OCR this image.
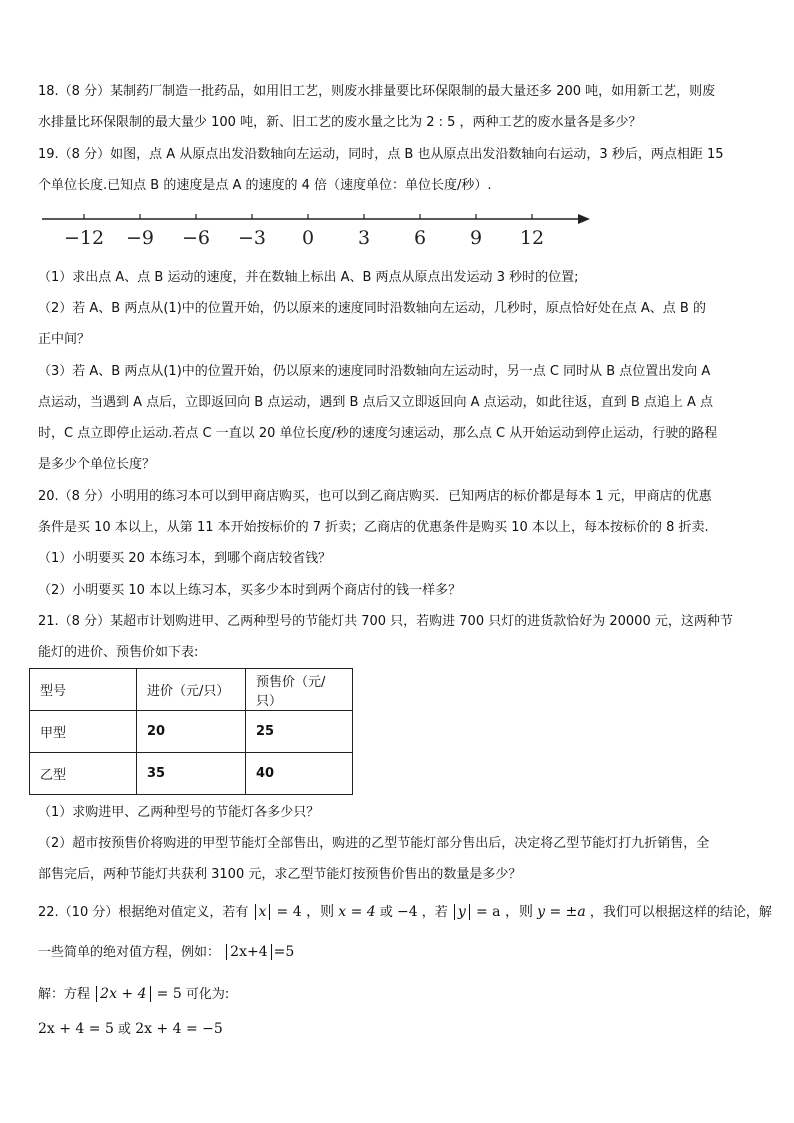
18.（8 分）某制药厂制造一批药品，如用旧工艺，则废水排量要比环保限制的最大量还多 200 吨，如用新工艺，则废
水排量比环保限制的最大量少 100 吨，新、旧工艺的废水量之比为 2 : 5 ，两种工艺的废水量各是多少？
19.（8 分）如图，点 A 从原点出发沿数轴向左运动，同时，点 B 也从原点出发沿数轴向右运动，3 秒后，两点相距 15
个单位长度.已知点 B 的速度是点 A 的速度的 4 倍（速度单位：单位长度/秒）.
−12 −9 −6 −3 0 3 6 9 12
（1）求出点 A、点 B 运动的速度，并在数轴上标出 A、B 两点从原点出发运动 3 秒时的位置;
（2）若 A、B 两点从(1)中的位置开始，仍以原来的速度同时沿数轴向左运动，几秒时，原点恰好处在点 A、点 B 的
正中间？
（3）若 A、B 两点从(1)中的位置开始，仍以原来的速度同时沿数轴向左运动时，另一点 C 同时从 B 点位置出发向 A
点运动，当遇到 A 点后，立即返回向 B 点运动，遇到 B 点后又立即返回向 A 点运动，如此往返，直到 B 点追上 A 点
时，C 点立即停止运动.若点 C 一直以 20 单位长度/秒的速度匀速运动，那么点 C 从开始运动到停止运动，行驶的路程
是多少个单位长度？
20.（8 分）小明用的练习本可以到甲商店购买，也可以到乙商店购买．已知两店的标价都是每本 1 元，甲商店的优惠
条件是买 10 本以上，从第 11 本开始按标价的 7 折卖；乙商店的优惠条件是购买 10 本以上，每本按标价的 8 折卖.
（1）小明要买 20 本练习本，到哪个商店较省钱？
（2）小明要买 10 本以上练习本，买多少本时到两个商店付的钱一样多？
21.（8 分）某超市计划购进甲、乙两种型号的节能灯共 700 只，若购进 700 只灯的进货款恰好为 20000 元，这两种节
能灯的进价、预售价如下表:
型号	进价（元/只）	预售价（元/只）
甲型	20	25
乙型	35	40
（1）求购进甲、乙两种型号的节能灯各多少只？
（2）超市按预售价将购进的甲型节能灯全部售出，购进的乙型节能灯部分售出后，决定将乙型节能灯打九折销售，全
部售完后，两种节能灯共获利 3100 元，求乙型节能灯按预售价售出的数量是多少？
22.（10 分）根据绝对值定义，若有 x = 4 ，则 x = 4 或 −4 ，若 y = a ，则 y = ±a ，我们可以根据这样的结论，解
一些简单的绝对值方程，例如： 2x+4 =5
解：方程 2x + 4 = 5 可化为:
2x + 4 = 5 或 2x + 4 = −5
